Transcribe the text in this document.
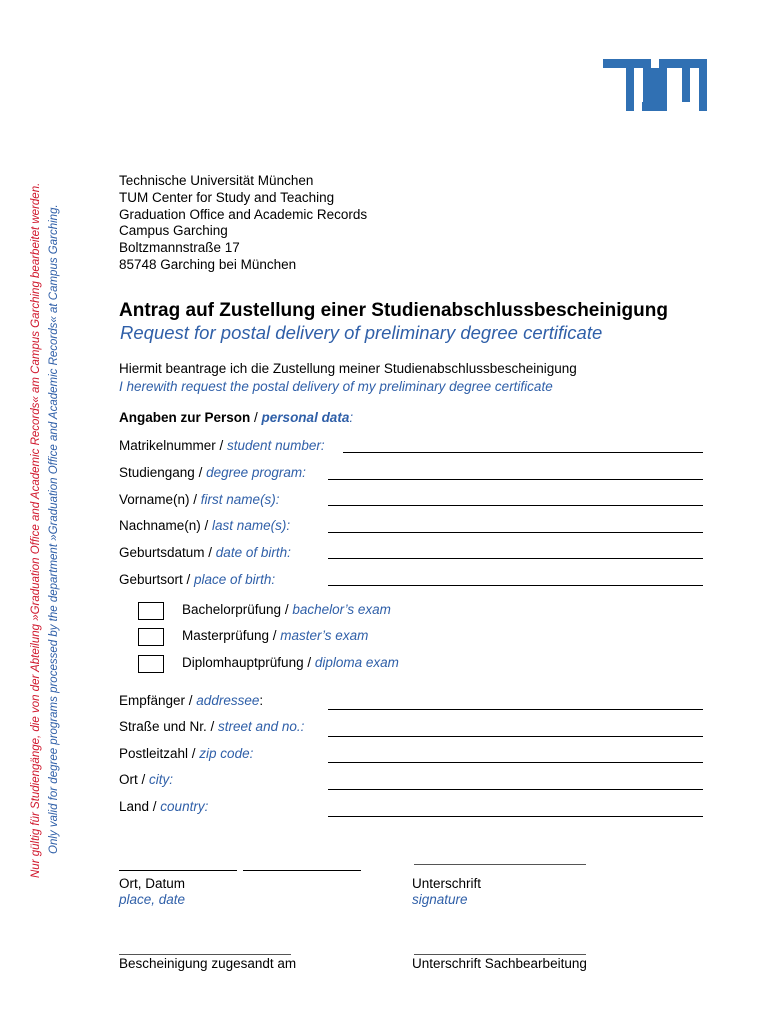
Nur gültig für Studiengänge, die von der Abteilung »Graduation Office and Academic Records« am Campus Garching bearbeitet werden. Only valid for degree programs processed by the department »Graduation Office and Academic Records« at Campus Garching.
Technische Universität München
TUM Center for Study and Teaching
Graduation Office and Academic Records
Campus Garching
Boltzmannstraße 17
85748 Garching bei München
Antrag auf Zustellung einer Studienabschlussbescheinigung
Request for postal delivery of preliminary degree certificate
Hiermit beantrage ich die Zustellung meiner Studienabschlussbescheinigung
I herewith request the postal delivery of my preliminary degree certificate
Angaben zur Person / personal data:
Matrikelnummer / student number:
Studiengang / degree program:
Vorname(n) / first name(s):
Nachname(n) / last name(s):
Geburtsdatum / date of birth:
Geburtsort / place of birth:
Bachelorprüfung / bachelor’s exam
Masterprüfung / master’s exam
Diplomhauptprüfung / diploma exam
Empfänger / addressee:
Straße und Nr. / street and no.:
Postleitzahl / zip code:
Ort / city:
Land / country:
Ort, Datum
place, date
Unterschrift
signature
Bescheinigung zugesandt am	Unterschrift Sachbearbeitung
